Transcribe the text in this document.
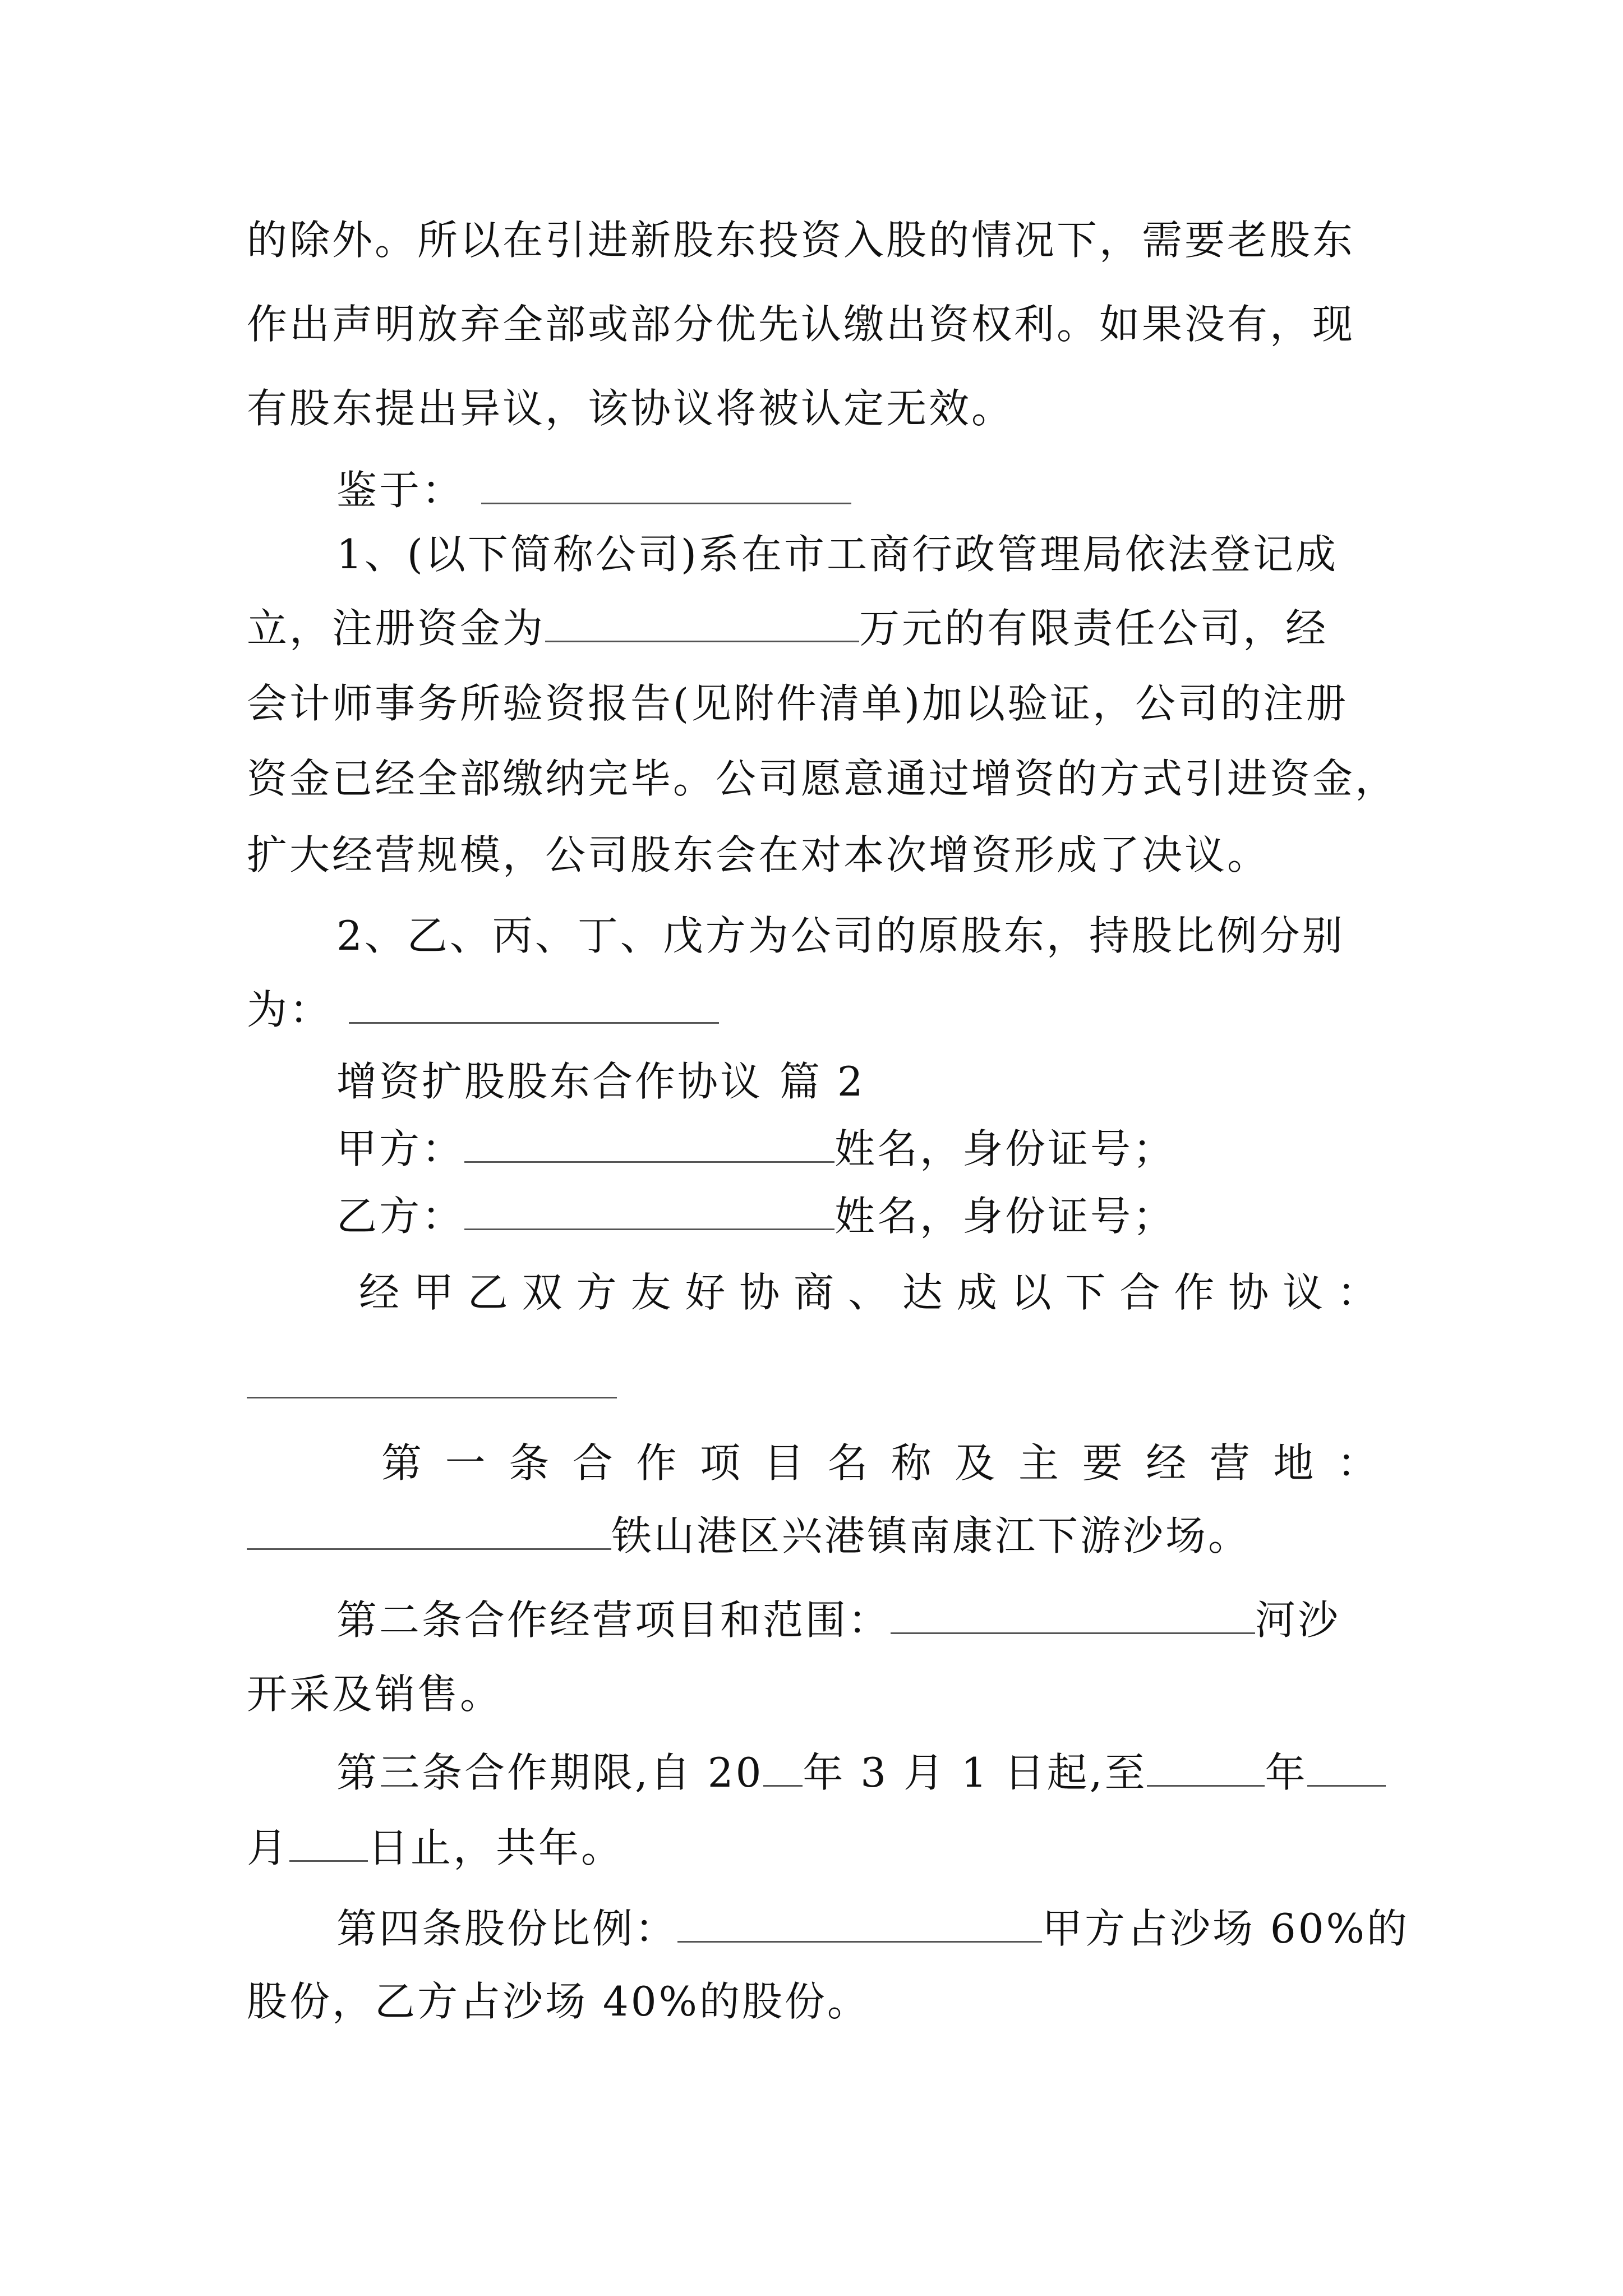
的除外。所以在引进新股东投资入股的情况下，需要老股东
作出声明放弃全部或部分优先认缴出资权利。如果没有，现
有股东提出异议，该协议将被认定无效。
鉴于：
1、(以下简称公司)系在市工商行政管理局依法登记成
立，注册资金为	万元的有限责任公司，经
会计师事务所验资报告(见附件清单)加以验证，公司的注册
资金已经全部缴纳完毕。公司愿意通过增资的方式引进资金，
扩大经营规模，公司股东会在对本次增资形成了决议。
2、乙、丙、丁、戊方为公司的原股东，持股比例分别
为：
增资扩股股东合作协议 篇 2
甲方：	姓名，身份证号；
乙方：	姓名，身份证号；
经甲乙双方友好协商、达成以下合作协议：
第一条合作项目名称及主要经营地：
铁山港区兴港镇南康江下游沙场。
第二条合作经营项目和范围：	河沙
开采及销售。
第三条合作期限,自 20 年 3 月 1 日起,至	年
月 日止，共年。
第四条股份比例：	甲方占沙场 60%的
股份，乙方占沙场 40%的股份。
